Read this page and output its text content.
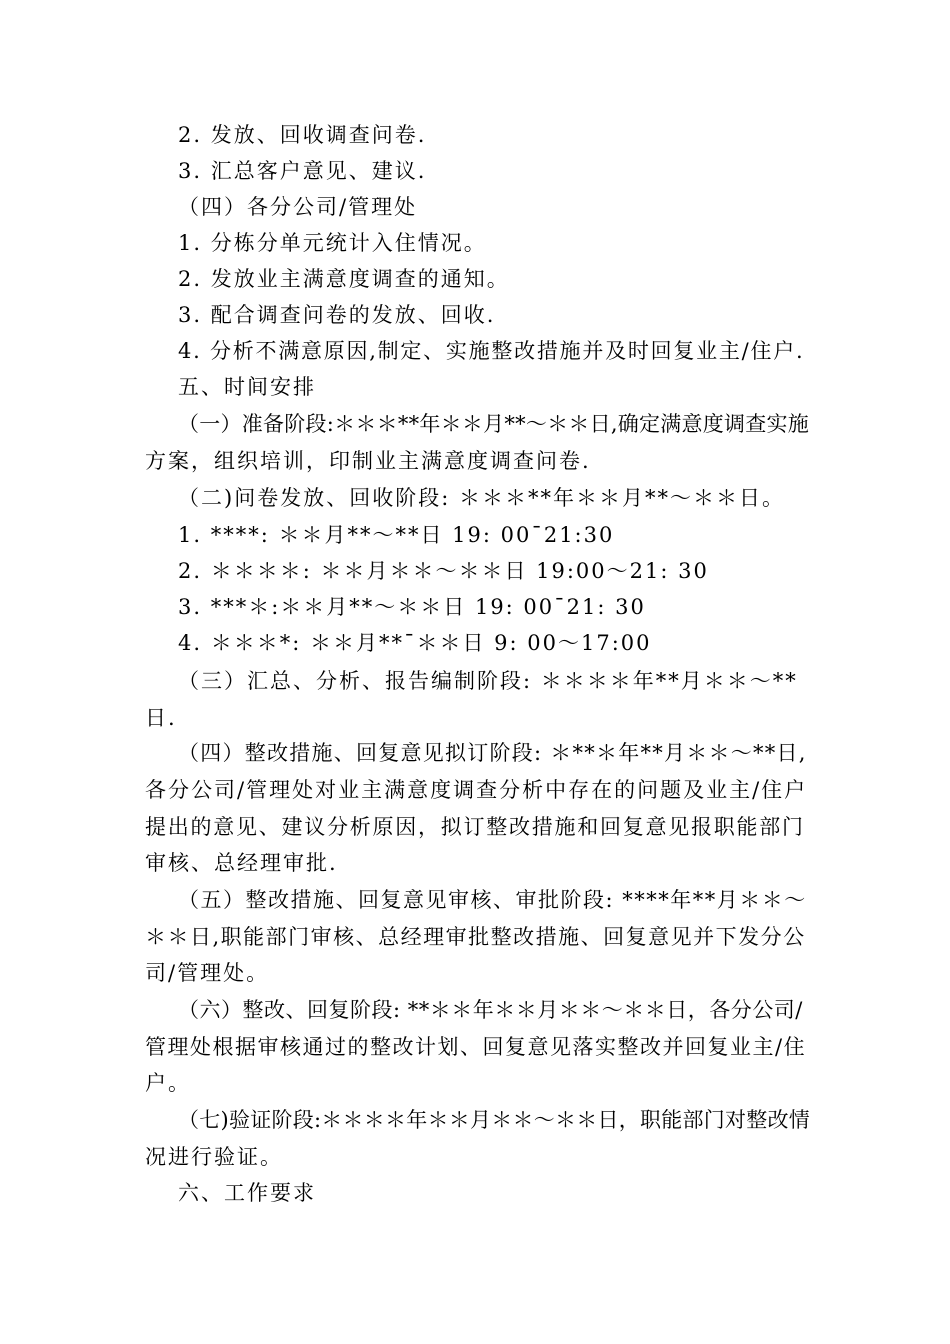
2. 发放、回收调查问卷.
3. 汇总客户意见、建议.
（四）各分公司/管理处
1. 分栋分单元统计入住情况。
2. 发放业主满意度调查的通知。
3. 配合调查问卷的发放、回收.
4. 分析不满意原因,制定、实施整改措施并及时回复业主/住户.
五、时间安排
（一）准备阶段:＊＊＊**年＊＊月**～＊＊日,确定满意度调查实施
方案，组织培训，印制业主满意度调查问卷.
（二)问卷发放、回收阶段: ＊＊＊**年＊＊月**～＊＊日。
1. ****: ＊＊月**～**日 19: 00¯21:30
2. ＊＊＊＊: ＊＊月＊＊～＊＊日 19:00～21: 30
3. ***＊:＊＊月**～＊＊日 19: 00¯21: 30
4. ＊＊＊*: ＊＊月**¯＊＊日 9: 00～17:00
（三）汇总、分析、报告编制阶段: ＊＊＊＊年**月＊＊～**
日.
（四）整改措施、回复意见拟订阶段: ＊**＊年**月＊＊～**日,
各分公司/管理处对业主满意度调查分析中存在的问题及业主/住户
提出的意见、建议分析原因，拟订整改措施和回复意见报职能部门
审核、总经理审批.
（五）整改措施、回复意见审核、审批阶段: ****年**月＊＊～
＊＊日,职能部门审核、总经理审批整改措施、回复意见并下发分公
司/管理处。
（六）整改、回复阶段: **＊＊年＊＊月＊＊～＊＊日，各分公司/
管理处根据审核通过的整改计划、回复意见落实整改并回复业主/住
户。
（七)验证阶段:＊＊＊＊年＊＊月＊＊～＊＊日，职能部门对整改情
况进行验证。
六、工作要求
